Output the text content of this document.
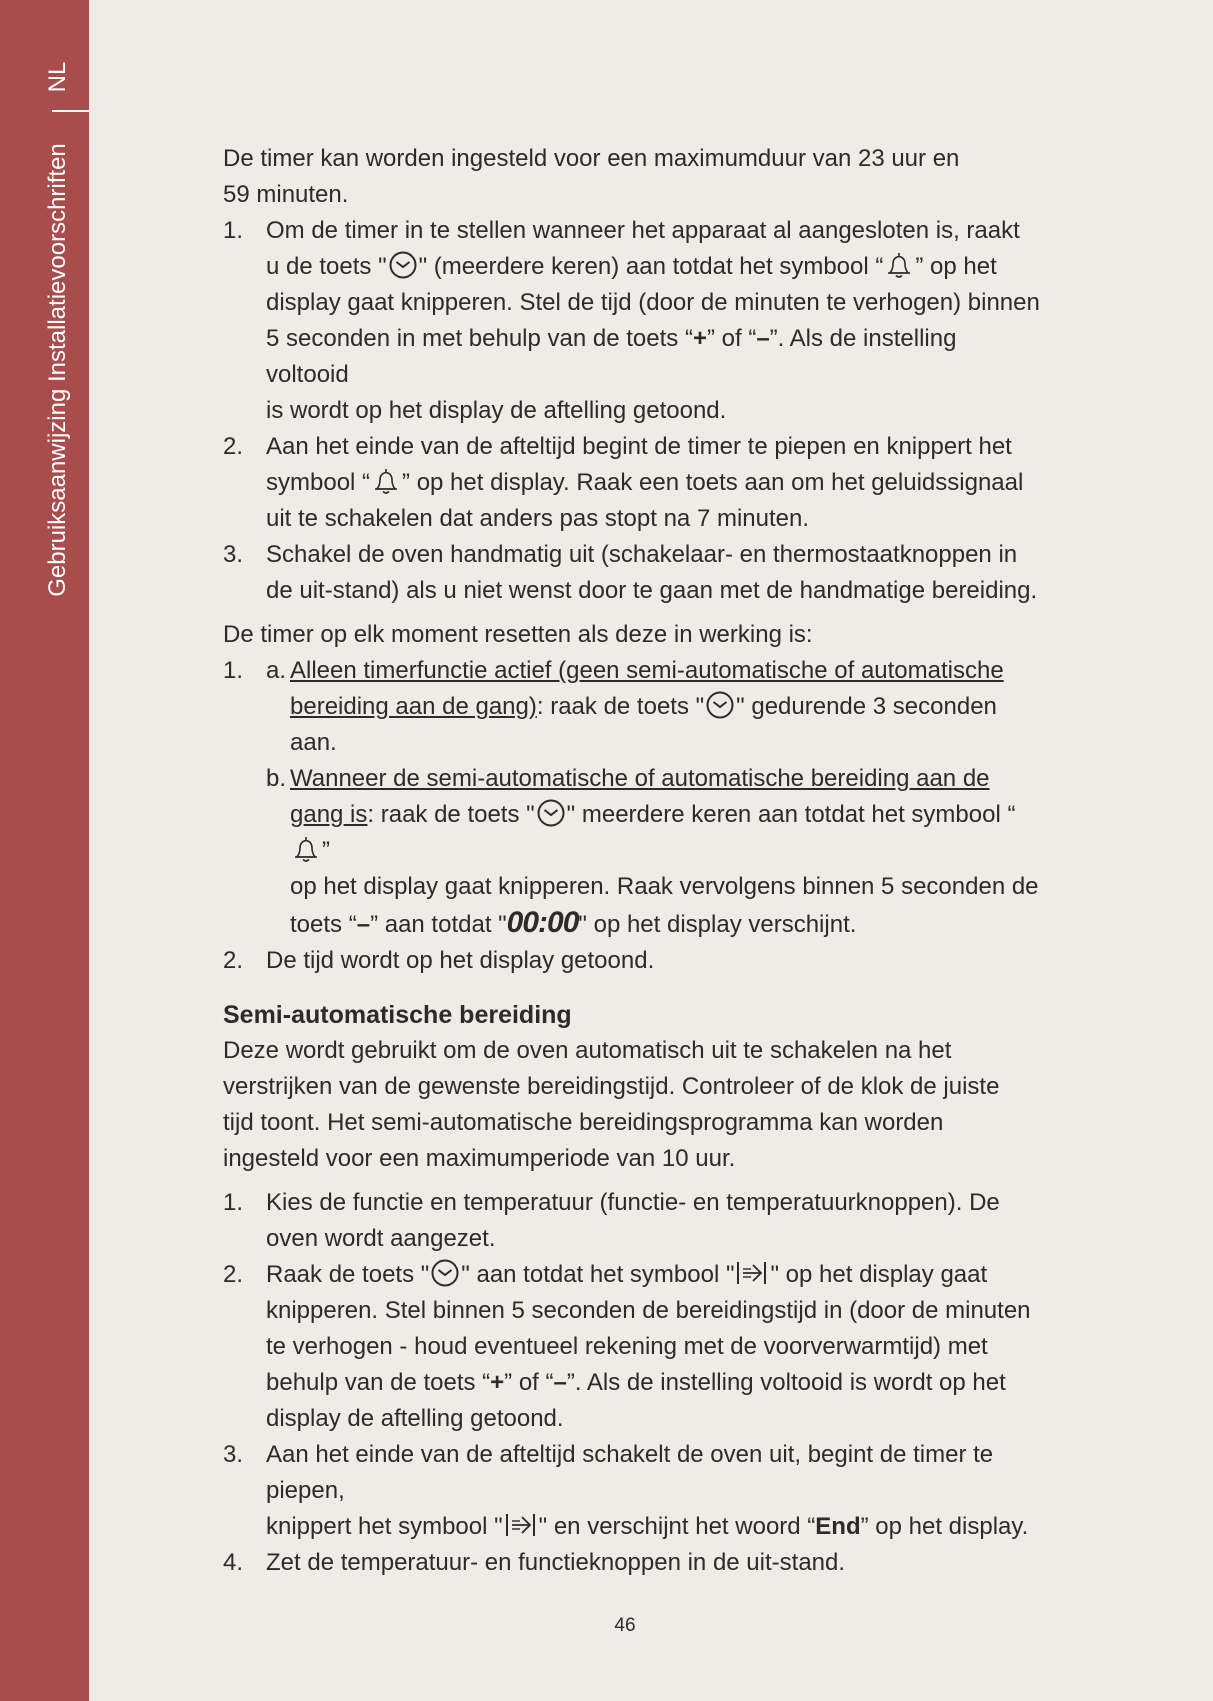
NL
Gebruiksaanwijzing Installatievoorschriften	De timer kan worden ingesteld voor een maximumduur van 23 uur en

59 minuten.

1. Om de timer in te stellen wanneer het apparaat al aangesloten is, raakt

u de toets " " (meerdere keren) aan totdat het symbool “ ” op het

display gaat knipperen. Stel de tijd (door de minuten te verhogen) binnen

5 seconden in met behulp van de toets “+” of “–”. Als de instelling voltooid

is wordt op het display de aftelling getoond.

2. Aan het einde van de afteltijd begint de timer te piepen en knippert het

symbool “ ” op het display. Raak een toets aan om het geluidssignaal

uit te schakelen dat anders pas stopt na 7 minuten.

3. Schakel de oven handmatig uit (schakelaar- en thermostaatknoppen in

de uit-stand) als u niet wenst door te gaan met de handmatige bereiding.

De timer op elk moment resetten als deze in werking is:

1. a. Alleen timerfunctie actief (geen semi-automatische of automatische

bereiding aan de gang): raak de toets " " gedurende 3 seconden aan.

b. Wanneer de semi-automatische of automatische bereiding aan de

gang is: raak de toets " " meerdere keren aan totdat het symbool “”

op het display gaat knipperen. Raak vervolgens binnen 5 seconden de

toets “–” aan totdat "00:00" op het display verschijnt.

2. De tijd wordt op het display getoond.

Semi-automatische bereiding

Deze wordt gebruikt om de oven automatisch uit te schakelen na het

verstrijken van de gewenste bereidingstijd. Controleer of de klok de juiste

tijd toont. Het semi-automatische bereidingsprogramma kan worden

ingesteld voor een maximumperiode van 10 uur.

1. Kies de functie en temperatuur (functie- en temperatuurknoppen). De

oven wordt aangezet.

2. Raak de toets " " aan totdat het symbool " " op het display gaat

knipperen. Stel binnen 5 seconden de bereidingstijd in (door de minuten

te verhogen - houd eventueel rekening met de voorverwarmtijd) met

behulp van de toets “+” of “–”. Als de instelling voltooid is wordt op het

display de aftelling getoond.

3. Aan het einde van de afteltijd schakelt de oven uit, begint de timer te piepen,

knippert het symbool " " en verschijnt het woord “End” op het display.

4. Zet de temperatuur- en functieknoppen in de uit-stand.

46
